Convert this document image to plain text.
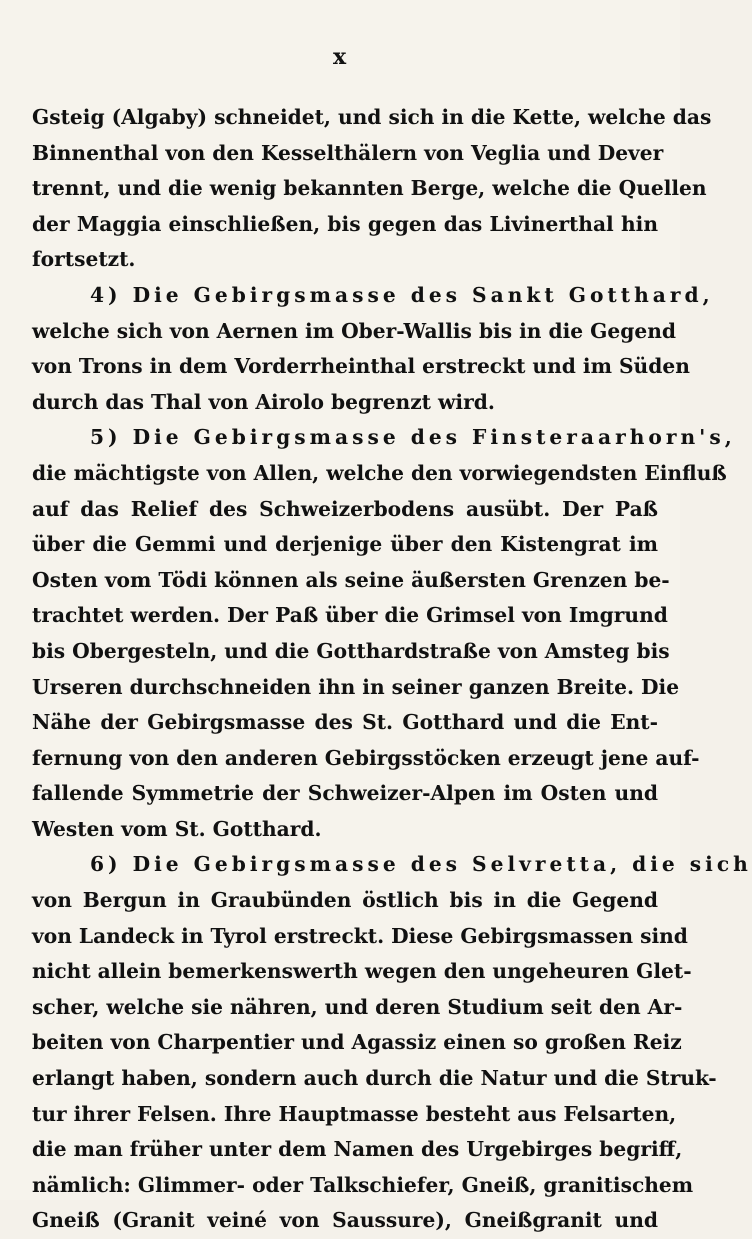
x
Gsteig (Algaby) schneidet, und sich in die Kette, welche das
Binnenthal von den Kesselthälern von Veglia und Dever
trennt, und die wenig bekannten Berge, welche die Quellen
der Maggia einschließen, bis gegen das Livinerthal hin
fortsetzt.
4) Die Gebirgsmasse des Sankt Gotthard,
welche sich von Aernen im Ober-Wallis bis in die Gegend
von Trons in dem Vorderrheinthal erstreckt und im Süden
durch das Thal von Airolo begrenzt wird.
5) Die Gebirgsmasse des Finsteraarhorn's,
die mächtigste von Allen, welche den vorwiegendsten Einfluß
auf das Relief des Schweizerbodens ausübt. Der Paß
über die Gemmi und derjenige über den Kistengrat im
Osten vom Tödi können als seine äußersten Grenzen be-
trachtet werden. Der Paß über die Grimsel von Imgrund
bis Obergesteln, und die Gotthardstraße von Amsteg bis
Urseren durchschneiden ihn in seiner ganzen Breite. Die
Nähe der Gebirgsmasse des St. Gotthard und die Ent-
fernung von den anderen Gebirgsstöcken erzeugt jene auf-
fallende Symmetrie der Schweizer-Alpen im Osten und
Westen vom St. Gotthard.
6) Die Gebirgsmasse des Selvretta, die sich
von Bergun in Graubünden östlich bis in die Gegend
von Landeck in Tyrol erstreckt. Diese Gebirgsmassen sind
nicht allein bemerkenswerth wegen den ungeheuren Glet-
scher, welche sie nähren, und deren Studium seit den Ar-
beiten von Charpentier und Agassiz einen so großen Reiz
erlangt haben, sondern auch durch die Natur und die Struk-
tur ihrer Felsen. Ihre Hauptmasse besteht aus Felsarten,
die man früher unter dem Namen des Urgebirges begriff,
nämlich: Glimmer- oder Talkschiefer, Gneiß, granitischem
Gneiß (Granit veiné von Saussure), Gneißgranit und
